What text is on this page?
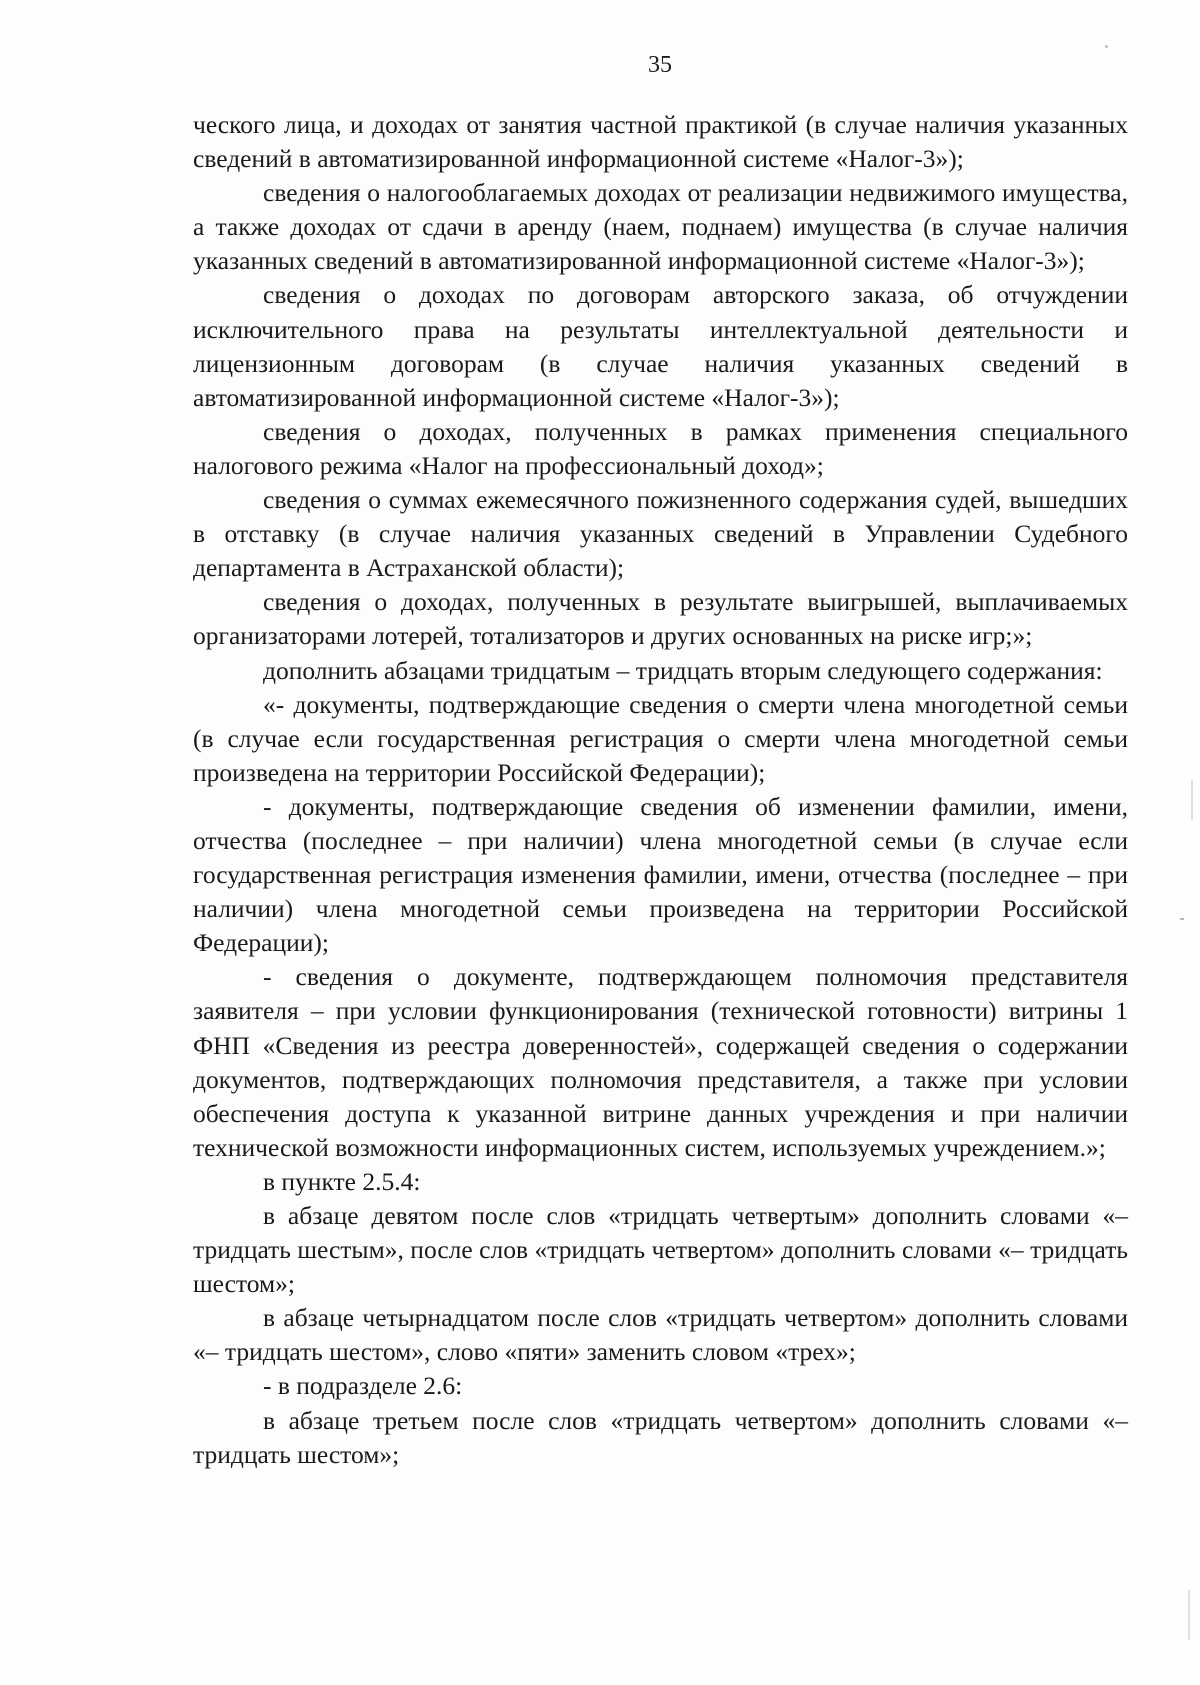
35

ческого лица, и доходах от занятия частной практикой (в случае наличия указанных сведений в автоматизированной информационной системе «Налог-3»);

сведения о налогооблагаемых доходах от реализации недвижимого имущества, а также доходах от сдачи в аренду (наем, поднаем) имущества (в случае наличия указанных сведений в автоматизированной информационной системе «Налог-3»);

сведения о доходах по договорам авторского заказа, об отчуждении исключительного права на результаты интеллектуальной деятельности и лицензионным договорам (в случае наличия указанных сведений в автоматизированной информационной системе «Налог-3»);

сведения о доходах, полученных в рамках применения специального налогового режима «Налог на профессиональный доход»;

сведения о суммах ежемесячного пожизненного содержания судей, вышедших в отставку (в случае наличия указанных сведений в Управлении Судебного департамента в Астраханской области);

сведения о доходах, полученных в результате выигрышей, выплачиваемых организаторами лотерей, тотализаторов и других основанных на риске игр;»;

дополнить абзацами тридцатым – тридцать вторым следующего содержания:

«- документы, подтверждающие сведения о смерти члена многодетной семьи (в случае если государственная регистрация о смерти члена многодетной семьи произведена на территории Российской Федерации);

- документы, подтверждающие сведения об изменении фамилии, имени, отчества (последнее – при наличии) члена многодетной семьи (в случае если государственная регистрация изменения фамилии, имени, отчества (последнее – при наличии) члена многодетной семьи произведена на территории Российской Федерации);

- сведения о документе, подтверждающем полномочия представителя заявителя – при условии функционирования (технической готовности) витрины 1 ФНП «Сведения из реестра доверенностей», содержащей сведения о содержании документов, подтверждающих полномочия представителя, а также при условии обеспечения доступа к указанной витрине данных учреждения и при наличии технической возможности информационных систем, используемых учреждением.»;

в пункте 2.5.4:

в абзаце девятом после слов «тридцать четвертым» дополнить словами «– тридцать шестым», после слов «тридцать четвертом» дополнить словами «– тридцать шестом»;

в абзаце четырнадцатом после слов «тридцать четвертом» дополнить словами «– тридцать шестом», слово «пяти» заменить словом «трех»;

- в подразделе 2.6:

в абзаце третьем после слов «тридцать четвертом» дополнить словами «– тридцать шестом»;
